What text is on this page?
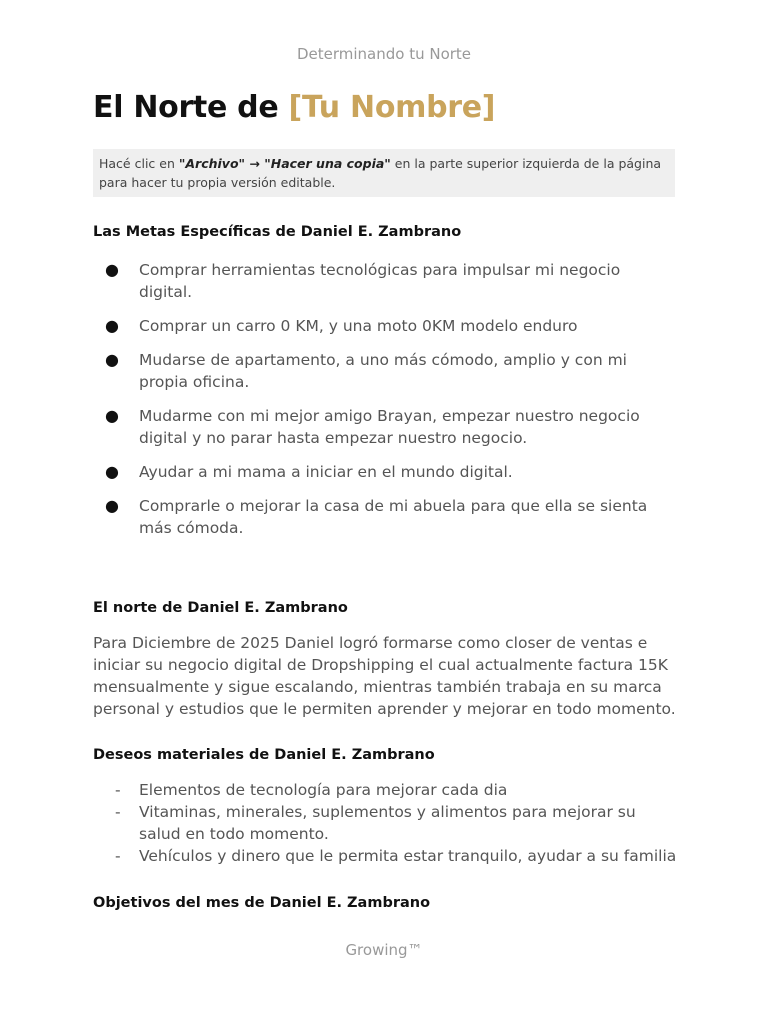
Determinando tu Norte
El Norte de [Tu Nombre]
Hacé clic en "Archivo" → "Hacer una copia" en la parte superior izquierda de la página para hacer tu propia versión editable.
Las Metas Específicas de Daniel E. Zambrano
● Comprar herramientas tecnológicas para impulsar mi negocio digital.
● Comprar un carro 0 KM, y una moto 0KM modelo enduro
● Mudarse de apartamento, a uno más cómodo, amplio y con mi propia oficina.
● Mudarme con mi mejor amigo Brayan, empezar nuestro negocio digital y no parar hasta empezar nuestro negocio.
● Ayudar a mi mama a iniciar en el mundo digital.
● Comprarle o mejorar la casa de mi abuela para que ella se sienta más cómoda.
El norte de Daniel E. Zambrano
Para Diciembre de 2025 Daniel logró formarse como closer de ventas e iniciar su negocio digital de Dropshipping el cual actualmente factura 15K mensualmente y sigue escalando, mientras también trabaja en su marca personal y estudios que le permiten aprender y mejorar en todo momento.
Deseos materiales de Daniel E. Zambrano
- Elementos de tecnología para mejorar cada dia
- Vitaminas, minerales, suplementos y alimentos para mejorar su salud en todo momento.
- Vehículos y dinero que le permita estar tranquilo, ayudar a su familia
Objetivos del mes de Daniel E. Zambrano
Growing™
